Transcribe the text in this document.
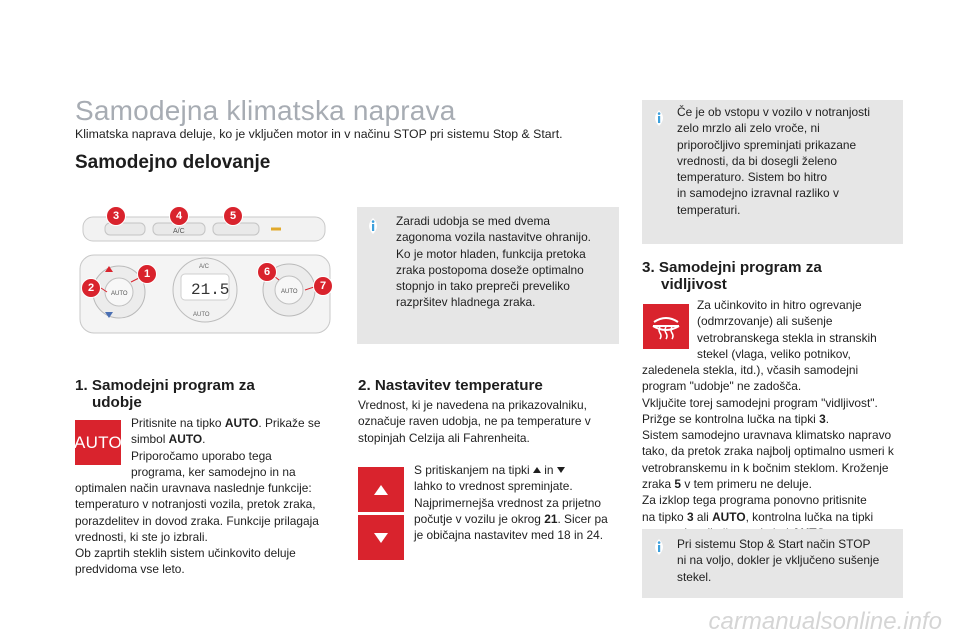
Samodejna klimatska naprava
Klimatska naprava deluje, ko je vključen motor in v načinu STOP pri sistemu Stop & Start.
Samodejno delovanje
A/C
AUTO	21.5
AUTO
A/C
AUTO
3	4	5
1
2
6
7
Zaradi udobja se med dvema
zagonoma vozila nastavitve ohranijo.
Ko je motor hladen, funkcija pretoka
zraka postopoma doseže optimalno
stopnjo in tako prepreči preveliko
razpršitev hladnega zraka.
1. Samodejni program za
udobje
AUTO
Pritisnite na tipko AUTO. Prikaže se
simbol AUTO.
Priporočamo uporabo tega
programa, ker samodejno in na
optimalen način uravnava naslednje funkcije:
temperaturo v notranjosti vozila, pretok zraka,
porazdelitev in dovod zraka. Funkcije prilagaja
vrednosti, ki ste jo izbrali.
Ob zaprtih steklih sistem učinkovito deluje
predvidoma vse leto.
2. Nastavitev temperature
Vrednost, ki je navedena na prikazovalniku,
označuje raven udobja, ne pa temperature v
stopinjah Celzija ali Fahrenheita.
S pritiskanjem na tipki  in
lahko to vrednost spreminjate.
Najprimernejša vrednost za prijetno
počutje v vozilu je okrog 21. Sicer pa
je običajna nastavitev med 18 in 24.
Če je ob vstopu v vozilo v notranjosti
zelo mrzlo ali zelo vroče, ni
priporočljivo spreminjati prikazane
vrednosti, da bi dosegli želeno
temperaturo. Sistem bo hitro
in samodejno izravnal razliko v
temperaturi.
3. Samodejni program za
vidljivost
Za učinkovito in hitro ogrevanje
(odmrzovanje) ali sušenje
vetrobranskega stekla in stranskih
stekel (vlaga, veliko potnikov,
zaledenela stekla, itd.), včasih samodejni
program "udobje" ne zadošča.
Vključite torej samodejni program "vidljivost".
Prižge se kontrolna lučka na tipki 3.
Sistem samodejno uravnava klimatsko napravo
tako, da pretok zraka najbolj optimalno usmeri k
vetrobranskemu in k bočnim steklom. Kroženje
zraka 5 v tem primeru ne deluje.
Za izklop tega programa ponovno pritisnite
na tipko 3 ali AUTO, kontrolna lučka na tipki
Pri sistemu Stop & Start način STOP
ni na voljo, dokler je vključeno sušenje
stekel.
carmanualsonline.info
